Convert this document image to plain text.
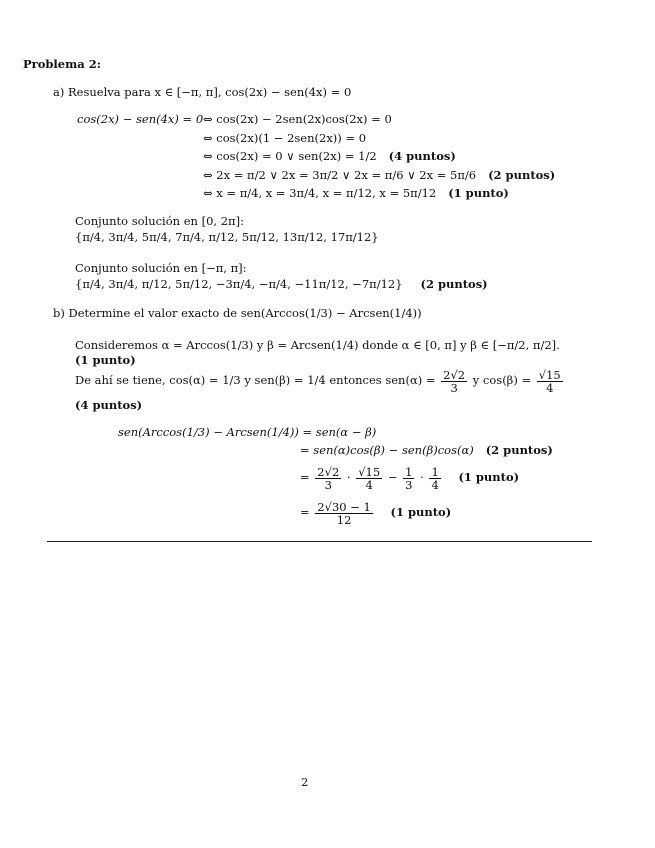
Problema 2:
a) Resuelva para x ∈ [−π, π], cos(2x) − sen(4x) = 0
cos(2x) − sen(4x) = 0 ⇔ cos(2x) − 2sen(2x)cos(2x) = 0
⇔ cos(2x)(1 − 2sen(2x)) = 0
⇔ cos(2x) = 0 ∨ sen(2x) = 1/2 (4 puntos)
⇔ 2x = π/2 ∨ 2x = 3π/2 ∨ 2x = π/6 ∨ 2x = 5π/6 (2 puntos)
⇔ x = π/4, x = 3π/4, x = π/12, x = 5π/12 (1 punto)
Conjunto solución en [0, 2π]:
{π/4, 3π/4, 5π/4, 7π/4, π/12, 5π/12, 13π/12, 17π/12}
Conjunto solución en [−π, π]:
{π/4, 3π/4, π/12, 5π/12, −3π/4, −π/4, −11π/12, −7π/12} (2 puntos)
b) Determine el valor exacto de sen(Arccos(1/3) − Arcsen(1/4))
Consideremos α = Arccos(1/3) y β = Arcsen(1/4) donde α ∈ [0, π] y β ∈ [−π/2, π/2].
(1 punto)
De ahí se tiene, cos(α) = 1/3 y sen(β) = 1/4 entonces $sen(\alpha) = \frac{2√2}{3}$ y $\cos(\beta) = \frac{√15}{4}$
(4 puntos)
sen(Arccos(1/3) − Arcsen(1/4)) = sen(α − β)
= sen(α)cos(β) − sen(β)cos(α) (2 puntos)
= $\frac{2√2}{3} \cdot \frac{√15}{4} - \frac{1}{3} \cdot \frac{1}{4} (1$ punto)
= $\frac{2√30 - 1}{12} (1$ punto)
2
